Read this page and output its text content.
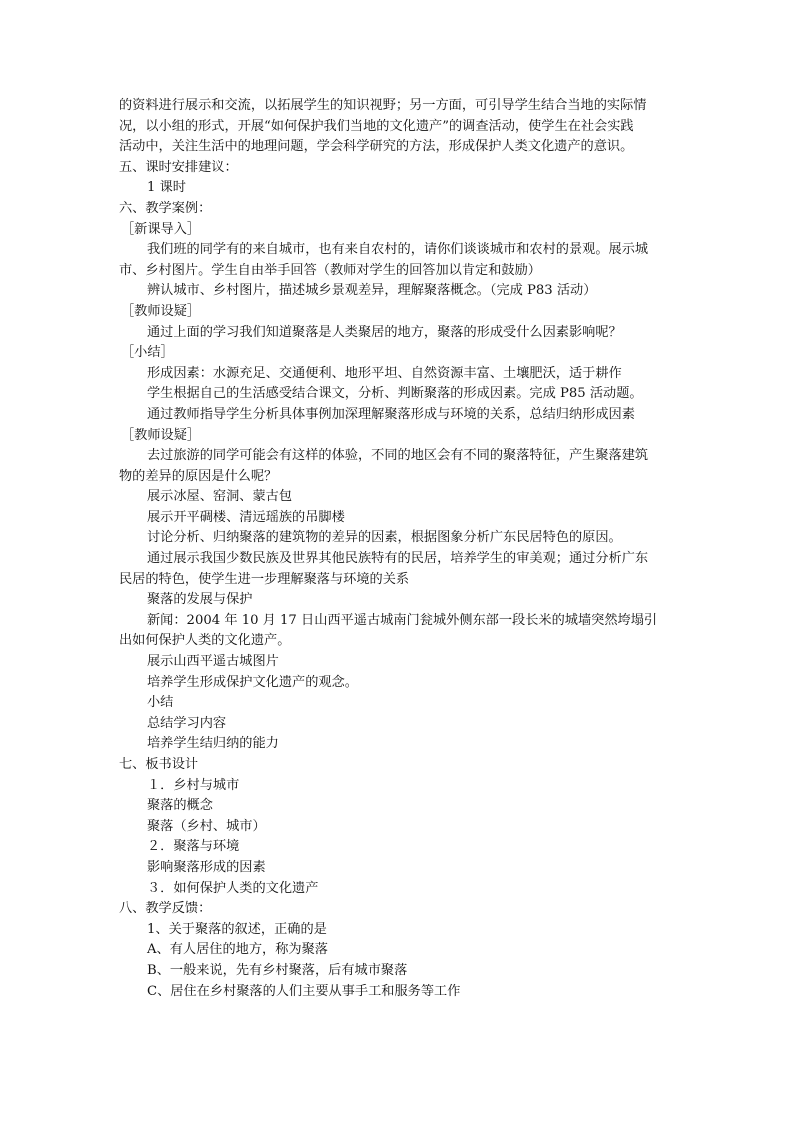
的资料进行展示和交流，以拓展学生的知识视野；另一方面，可引导学生结合当地的实际情
况，以小组的形式，开展“如何保护我们当地的文化遗产”的调查活动，使学生在社会实践
活动中，关注生活中的地理问题，学会科学研究的方法，形成保护人类文化遗产的意识。
五、课时安排建议：
1 课时
六、教学案例：
［新课导入］
我们班的同学有的来自城市，也有来自农村的，请你们谈谈城市和农村的景观。展示城
市、乡村图片。学生自由举手回答（教师对学生的回答加以肯定和鼓励）
辨认城市、乡村图片，描述城乡景观差异，理解聚落概念。（完成 P83 活动）
［教师设疑］
通过上面的学习我们知道聚落是人类聚居的地方，聚落的形成受什么因素影响呢？
［小结］
形成因素：水源充足、交通便利、地形平坦、自然资源丰富、土壤肥沃，适于耕作
学生根据自己的生活感受结合课文，分析、判断聚落的形成因素。完成 P85 活动题。
通过教师指导学生分析具体事例加深理解聚落形成与环境的关系，总结归纳形成因素
［教师设疑］
去过旅游的同学可能会有这样的体验，不同的地区会有不同的聚落特征，产生聚落建筑
物的差异的原因是什么呢？
展示冰屋、窑洞、蒙古包
展示开平碉楼、清远瑶族的吊脚楼
讨论分析、归纳聚落的建筑物的差异的因素，根据图象分析广东民居特色的原因。
通过展示我国少数民族及世界其他民族特有的民居，培养学生的审美观；通过分析广东
民居的特色，使学生进一步理解聚落与环境的关系
聚落的发展与保护
新闻：2004 年 10 月 17 日山西平遥古城南门瓮城外侧东部一段长米的城墙突然垮塌引
出如何保护人类的文化遗产。
展示山西平遥古城图片
培养学生形成保护文化遗产的观念。
小结
总结学习内容
培养学生结归纳的能力
七、板书设计
１．乡村与城市
聚落的概念
聚落（乡村、城市）
２．聚落与环境
影响聚落形成的因素
３．如何保护人类的文化遗产
八、教学反馈：
1、关于聚落的叙述，正确的是
A、有人居住的地方，称为聚落
B、一般来说，先有乡村聚落，后有城市聚落
C、居住在乡村聚落的人们主要从事手工和服务等工作
